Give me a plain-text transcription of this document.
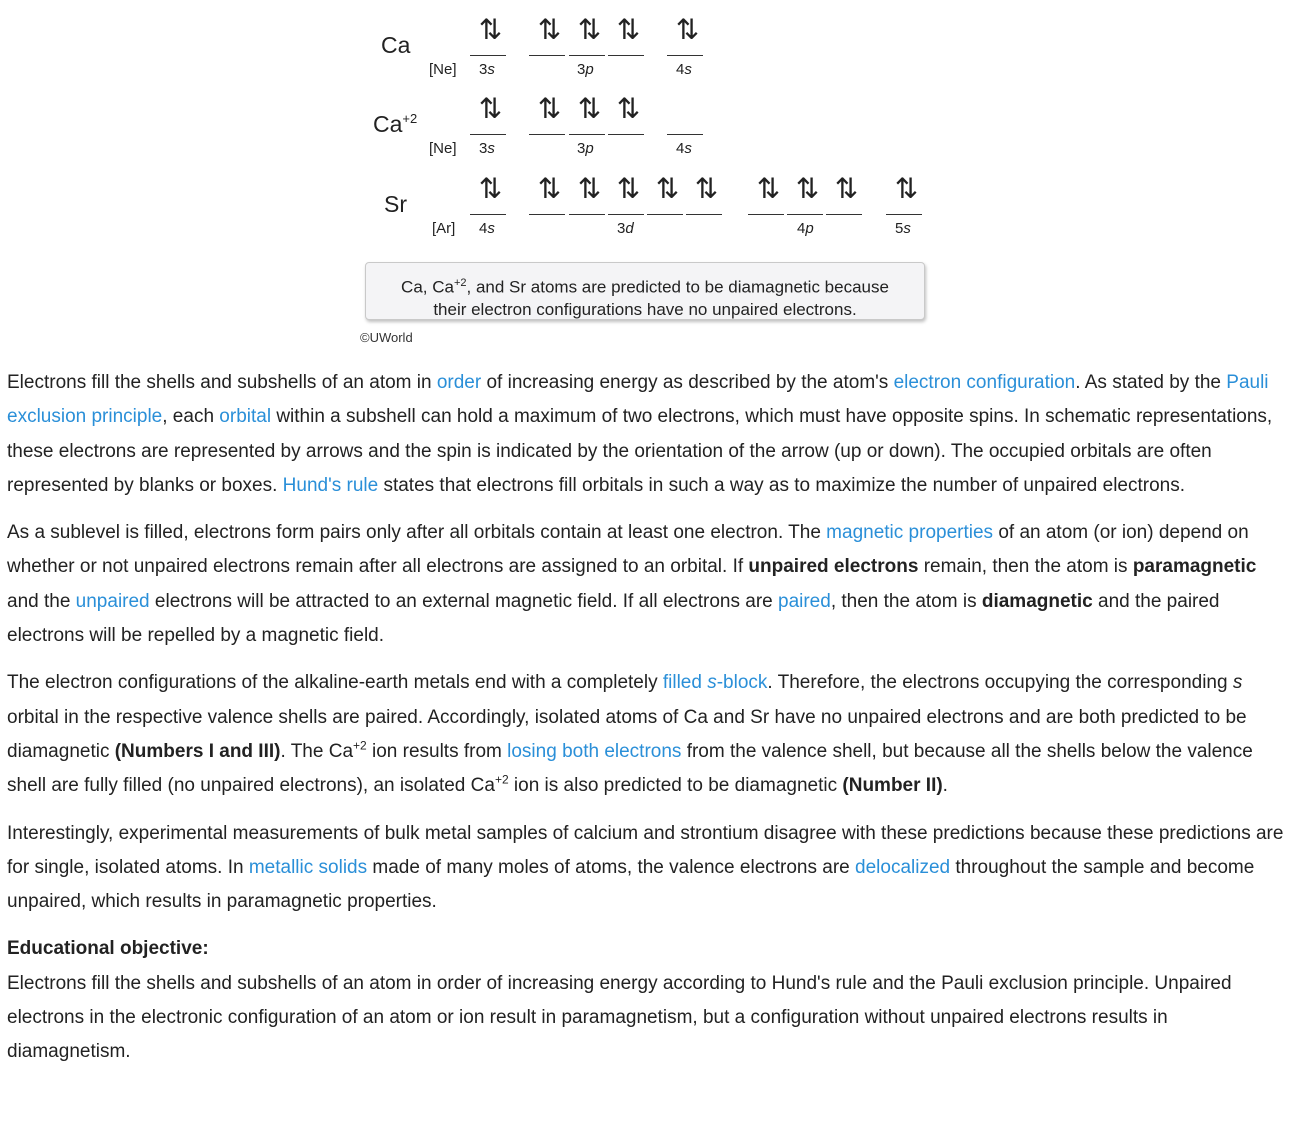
Ca
[Ne]
⇅	⇅ ⇅ ⇅	⇅
3s	3p	4s
$Ca^{+2}$
[Ne]
⇅	⇅ ⇅ ⇅
3s	3p	4s
Sr
[Ar]
⇅	⇅ ⇅ ⇅ ⇅ ⇅	⇅ ⇅ ⇅	⇅
4s	3d	4p	5s
Ca, $Ca^{+2}$, and Sr atoms are predicted to be diamagnetic because
their electron configurations have no unpaired electrons.
©UWorld

Electrons fill the shells and subshells of an atom in order of increasing energy as described by the atom's electron configuration. As stated by the Pauli exclusion principle, each orbital within a subshell can hold a maximum of two electrons, which must have opposite spins. In schematic representations, these electrons are represented by arrows and the spin is indicated by the orientation of the arrow (up or down). The occupied orbitals are often represented by blanks or boxes. Hund's rule states that electrons fill orbitals in such a way as to maximize the number of unpaired electrons.

As a sublevel is filled, electrons form pairs only after all orbitals contain at least one electron. The magnetic properties of an atom (or ion) depend on whether or not unpaired electrons remain after all electrons are assigned to an orbital. If unpaired electrons remain, then the atom is paramagnetic and the unpaired electrons will be attracted to an external magnetic field. If all electrons are paired, then the atom is diamagnetic and the paired electrons will be repelled by a magnetic field.

The electron configurations of the alkaline-earth metals end with a completely filled s-block. Therefore, the electrons occupying the corresponding s orbital in the respective valence shells are paired. Accordingly, isolated atoms of Ca and Sr have no unpaired electrons and are both predicted to be diamagnetic (Numbers I and III). The $Ca^{+2}$ ion results from losing both electrons from the valence shell, but because all the shells below the valence shell are fully filled (no unpaired electrons), an isolated $Ca^{+2}$ ion is also predicted to be diamagnetic (Number II).

Interestingly, experimental measurements of bulk metal samples of calcium and strontium disagree with these predictions because these predictions are for single, isolated atoms. In metallic solids made of many moles of atoms, the valence electrons are delocalized throughout the sample and become unpaired, which results in paramagnetic properties.

Educational objective:
Electrons fill the shells and subshells of an atom in order of increasing energy according to Hund's rule and the Pauli exclusion principle. Unpaired electrons in the electronic configuration of an atom or ion result in paramagnetism, but a configuration without unpaired electrons results in diamagnetism.
